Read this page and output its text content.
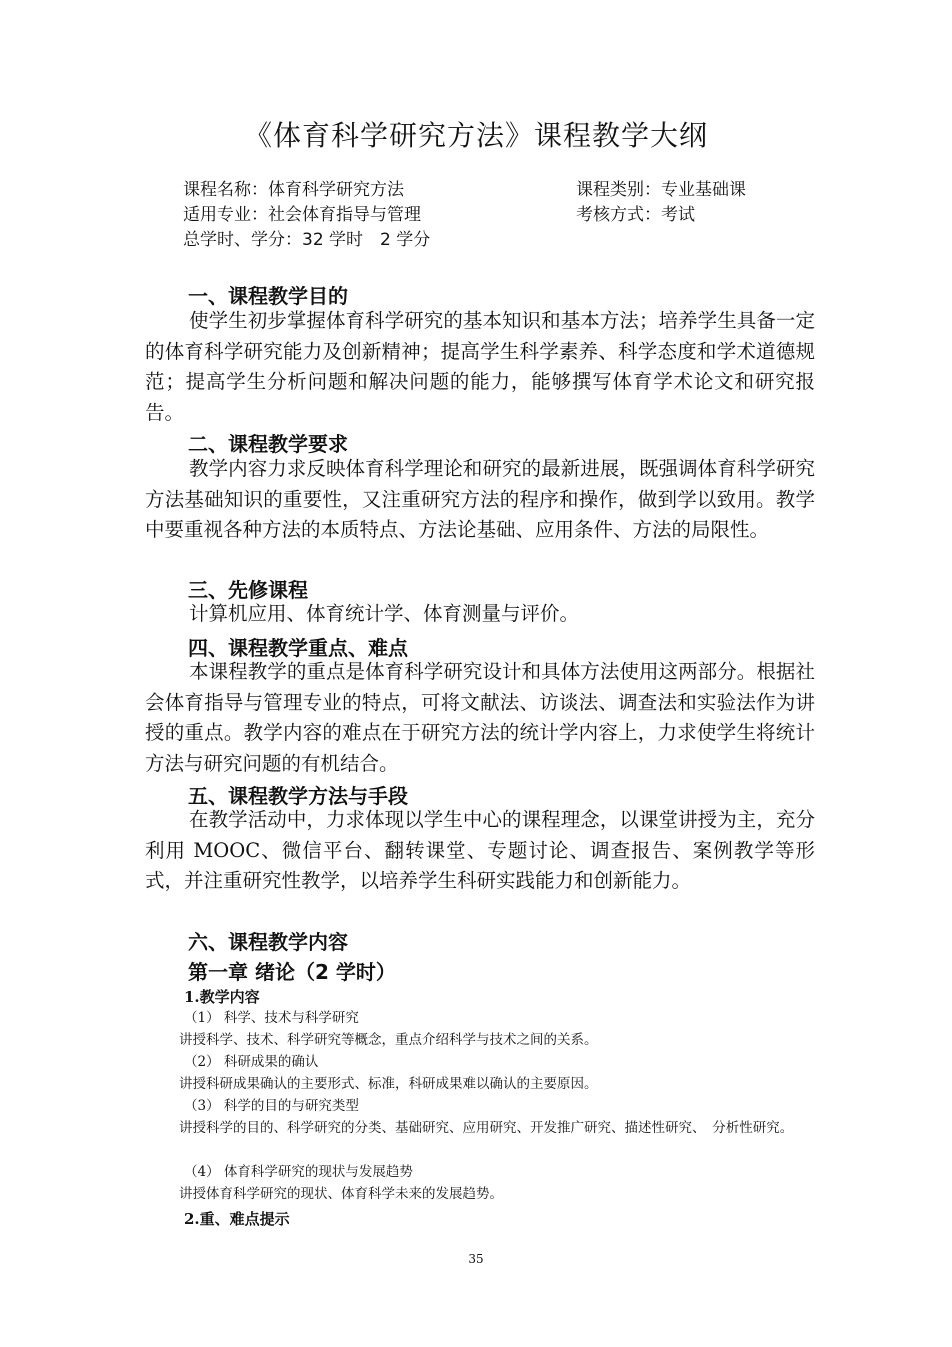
《体育科学研究方法》课程教学大纲
课程名称：体育科学研究方法	课程类别：专业基础课
适用专业：社会体育指导与管理	考核方式：考试
总学时、学分：32 学时　2 学分
一、课程教学目的
使学生初步掌握体育科学研究的基本知识和基本方法；培养学生具备一定的体育科学研究能力及创新精神；提高学生科学素养、科学态度和学术道德规范；提高学生分析问题和解决问题的能力，能够撰写体育学术论文和研究报告。
二、课程教学要求
教学内容力求反映体育科学理论和研究的最新进展，既强调体育科学研究方法基础知识的重要性，又注重研究方法的程序和操作，做到学以致用。教学中要重视各种方法的本质特点、方法论基础、应用条件、方法的局限性。
三、先修课程
计算机应用、体育统计学、体育测量与评价。
四、课程教学重点、难点
本课程教学的重点是体育科学研究设计和具体方法使用这两部分。根据社会体育指导与管理专业的特点，可将文献法、访谈法、调查法和实验法作为讲授的重点。教学内容的难点在于研究方法的统计学内容上，力求使学生将统计方法与研究问题的有机结合。
五、课程教学方法与手段
在教学活动中，力求体现以学生中心的课程理念，以课堂讲授为主，充分利用 MOOC、微信平台、翻转课堂、专题讨论、调查报告、案例教学等形式，并注重研究性教学，以培养学生科研实践能力和创新能力。
六、课程教学内容
第一章 绪论（2 学时）
1.教学内容
（1） 科学、技术与科学研究
讲授科学、技术、科学研究等概念，重点介绍科学与技术之间的关系。
（2） 科研成果的确认
讲授科研成果确认的主要形式、标准，科研成果难以确认的主要原因。
（3） 科学的目的与研究类型
讲授科学的目的、科学研究的分类、基础研究、应用研究、开发推广研究、描述性研究、　分析性研究。
（4） 体育科学研究的现状与发展趋势
讲授体育科学研究的现状、体育科学未来的发展趋势。
2.重、难点提示
35
